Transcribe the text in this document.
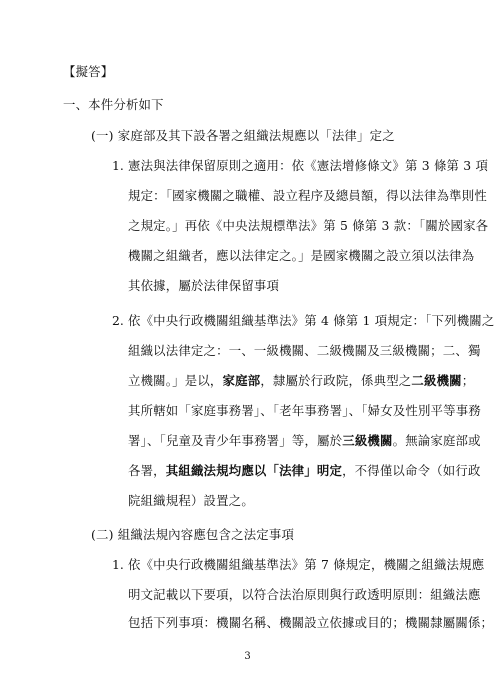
【擬答】
一、本件分析如下
(一) 家庭部及其下設各署之組織法規應以「法律」定之
1. 憲法與法律保留原則之適用：依《憲法增修條文》第 3 條第 3 項
規定：「國家機關之職權、設立程序及總員額，得以法律為準則性
之規定。」再依《中央法規標準法》第 5 條第 3 款：「關於國家各
機關之組織者，應以法律定之。」是國家機關之設立須以法律為
其依據，屬於法律保留事項
2. 依《中央行政機關組織基準法》第 4 條第 1 項規定：「下列機關之
組織以法律定之：一、一級機關、二級機關及三級機關；二、獨
立機關。」是以，家庭部，隸屬於行政院，係典型之二級機關；
其所轄如「家庭事務署」、「老年事務署」、「婦女及性別平等事務
署」、「兒童及青少年事務署」等，屬於三級機關。無論家庭部或
各署，其組織法規均應以「法律」明定，不得僅以命令（如行政
院組織規程）設置之。
(二) 組織法規內容應包含之法定事項
1. 依《中央行政機關組織基準法》第 7 條規定，機關之組織法規應
明文記載以下要項，以符合法治原則與行政透明原則：組織法應
包括下列事項：機關名稱、機關設立依據或目的；機關隸屬關係；
3
